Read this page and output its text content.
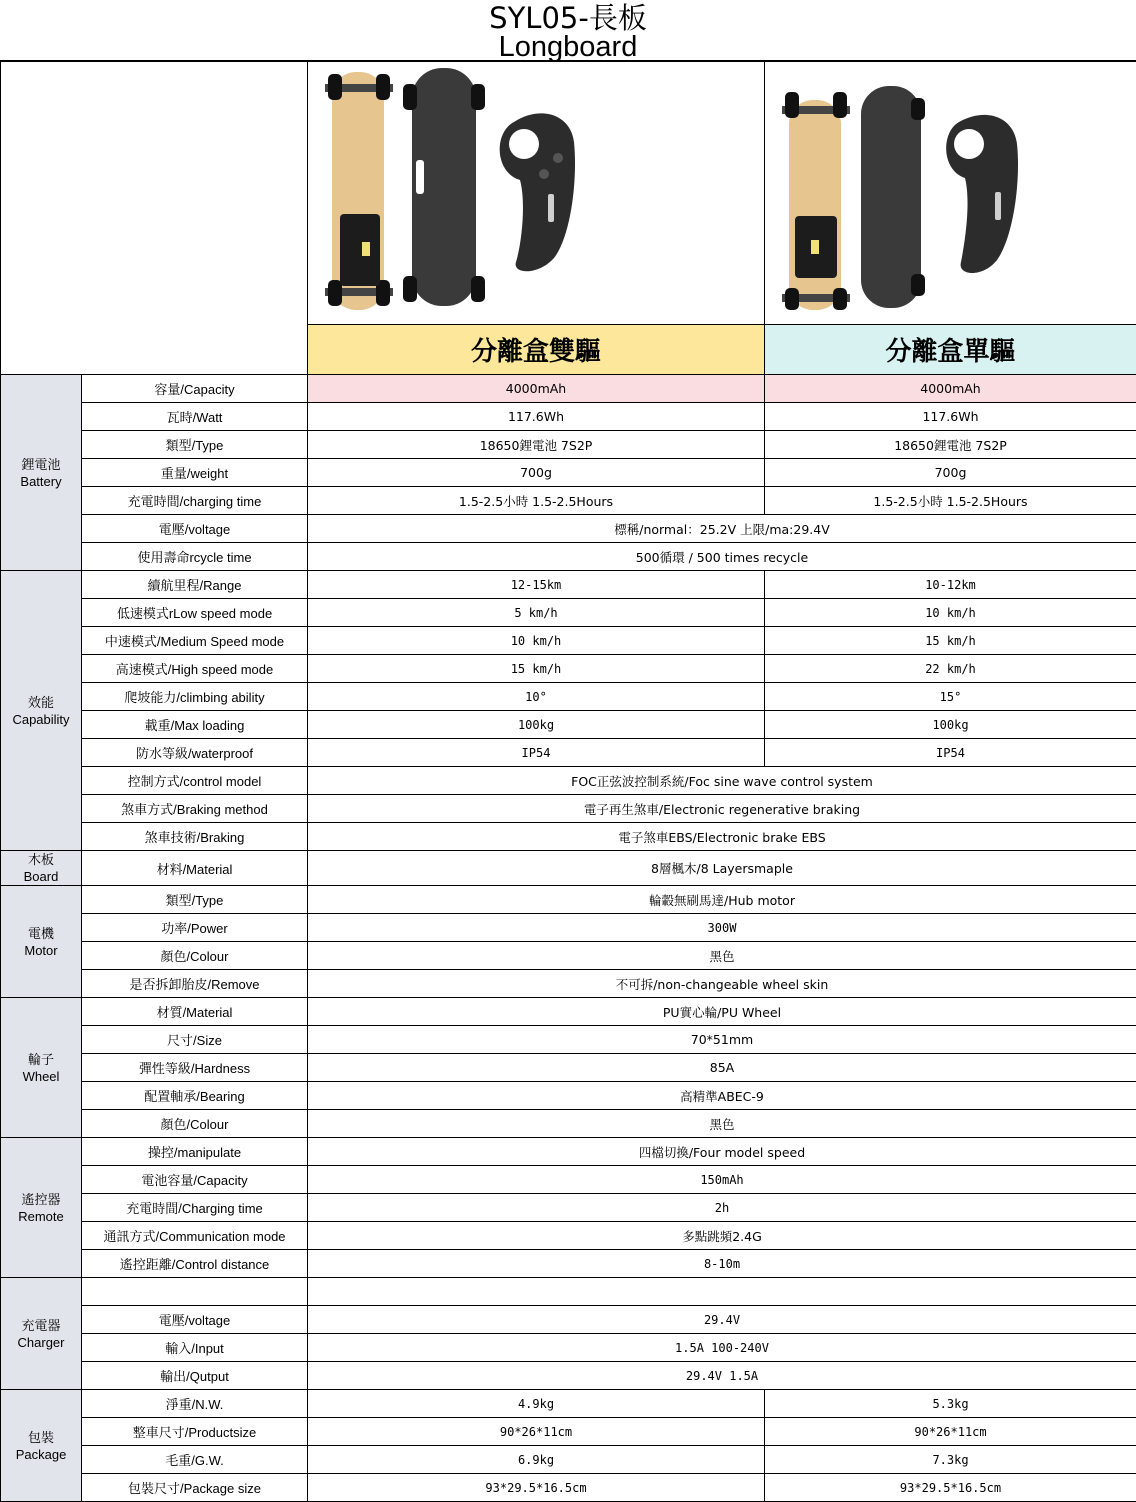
SYL05-長板
Longboard

		分離盒雙驅	分離盒單驅

鋰電池
Battery	容量/Capacity	4000mAh	4000mAh
	瓦時/Watt	117.6Wh	117.6Wh
	類型/Type	18650鋰電池 7S2P	18650鋰電池 7S2P
	重量/weight	700g	700g
	充電時間/charging time	1.5-2.5小時 1.5-2.5Hours	1.5-2.5小時 1.5-2.5Hours
	電壓/voltage	標稱/normal：25.2V 上限/ma:29.4V	
	使用壽命rcycle time	500循環 / 500 times recycle	

效能
Capability	續航里程/Range	12-15km	10-12km
	低速模式rLow speed mode	5 km/h	10 km/h
	中速模式/Medium Speed mode	10 km/h	15 km/h
	高速模式/High speed mode	15 km/h	22 km/h
	爬坡能力/climbing ability	10°	15°
	載重/Max loading	100kg	100kg
	防水等級/waterproof	IP54	IP54
	控制方式/control model	FOC正弦波控制系統/Foc sine wave control system	
	煞車方式/Braking method	電子再生煞車/Electronic regenerative braking	
	煞車技術/Braking	電子煞車EBS/Electronic brake EBS	

木板
Board	材料/Material	8層楓木/8 Layersmaple	

電機
Motor	類型/Type	輪轂無刷馬達/Hub motor	
	功率/Power	300W	
	顏色/Colour	黑色	
	是否拆卸胎皮/Remove	不可拆/non-changeable wheel skin	

輪子
Wheel	材質/Material	PU實心輪/PU Wheel	
	尺寸/Size	70*51mm	
	彈性等級/Hardness	85A	
	配置軸承/Bearing	高精準ABEC-9	
	顏色/Colour	黑色	

遙控器
Remote	操控/manipulate	四檔切換/Four model speed	
	電池容量/Capacity	150mAh	
	充電時間/Charging time	2h	
	通訊方式/Communication mode	多點跳頻2.4G	
	遙控距離/Control distance	8-10m	

充電器
Charger			

	電壓/voltage	29.4V	
	輸入/Input	1.5A 100-240V	
	輸出/Qutput	29.4V 1.5A	

包裝
Package	淨重/N.W.	4.9kg	5.3kg
	整車尺寸/Productsize	90*26*11cm	90*26*11cm
	毛重/G.W.	6.9kg	7.3kg
	包裝尺寸/Package size	93*29.5*16.5cm	93*29.5*16.5cm
